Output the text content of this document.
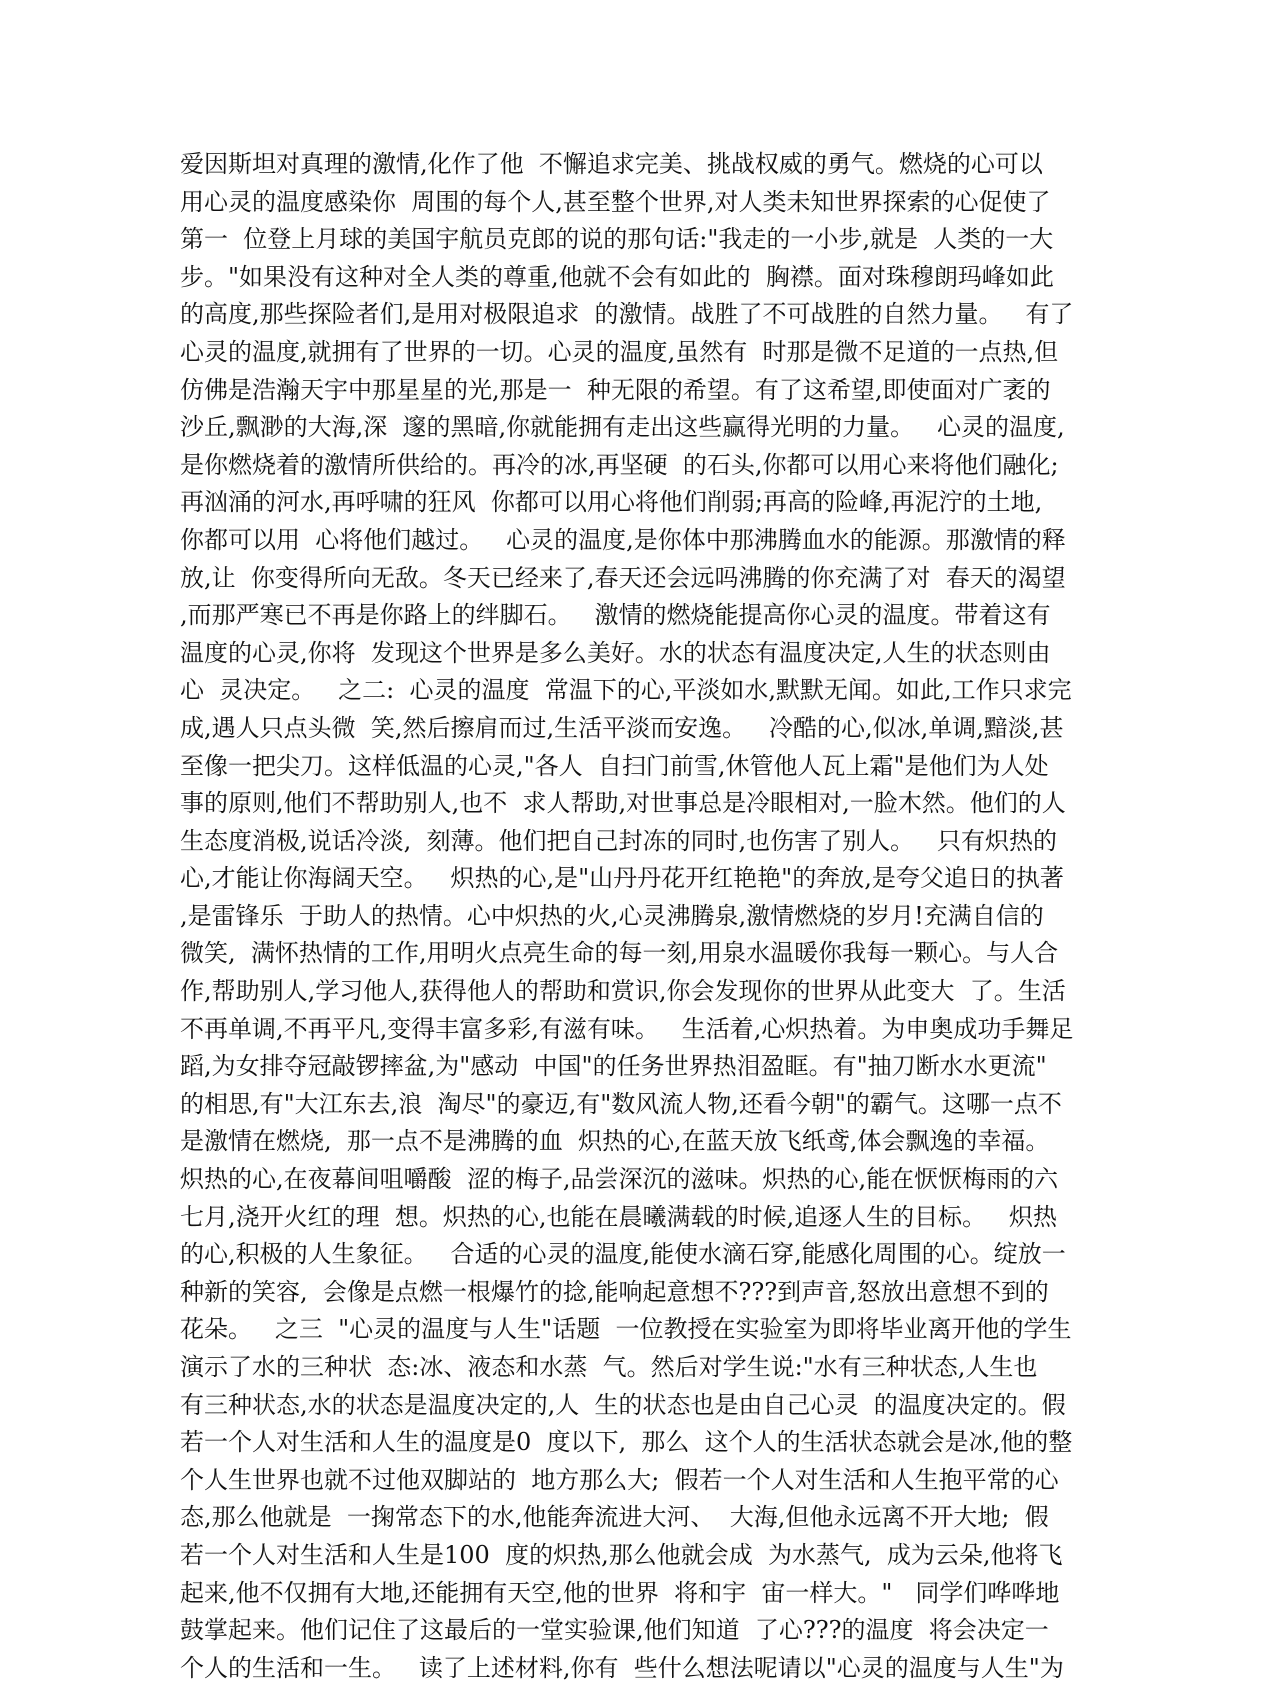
爱因斯坦对真理的激情,化作了他  不懈追求完美、挑战权威的勇气。燃烧的心可以
用心灵的温度感染你  周围的每个人,甚至整个世界,对人类未知世界探索的心促使了
第一  位登上月球的美国宇航员克郎的说的那句话:"我走的一小步,就是  人类的一大
步。"如果没有这种对全人类的尊重,他就不会有如此的  胸襟。面对珠穆朗玛峰如此
的高度,那些探险者们,是用对极限追求  的激情。战胜了不可战胜的自然力量。   有了
心灵的温度,就拥有了世界的一切。心灵的温度,虽然有  时那是微不足道的一点热,但
仿佛是浩瀚天宇中那星星的光,那是一  种无限的希望。有了这希望,即使面对广袤的
沙丘,飘渺的大海,深  邃的黑暗,你就能拥有走出这些赢得光明的力量。   心灵的温度,
是你燃烧着的激情所供给的。再冷的冰,再坚硬  的石头,你都可以用心来将他们融化;
再汹涌的河水,再呼啸的狂风  你都可以用心将他们削弱;再高的险峰,再泥泞的土地,
你都可以用  心将他们越过。   心灵的温度,是你体中那沸腾血水的能源。那激情的释
放,让  你变得所向无敌。冬天已经来了,春天还会远吗沸腾的你充满了对  春天的渴望
,而那严寒已不再是你路上的绊脚石。   激情的燃烧能提高你心灵的温度。带着这有
温度的心灵,你将  发现这个世界是多么美好。水的状态有温度决定,人生的状态则由
心  灵决定。   之二:  心灵的温度  常温下的心,平淡如水,默默无闻。如此,工作只求完
成,遇人只点头微  笑,然后擦肩而过,生活平淡而安逸。   冷酷的心,似冰,单调,黯淡,甚
至像一把尖刀。这样低温的心灵,"各人  自扫门前雪,休管他人瓦上霜"是他们为人处
事的原则,他们不帮助别人,也不  求人帮助,对世事总是冷眼相对,一脸木然。他们的人
生态度消极,说话冷淡,  刻薄。他们把自己封冻的同时,也伤害了别人。   只有炽热的
心,才能让你海阔天空。   炽热的心,是"山丹丹花开红艳艳"的奔放,是夸父追日的执著
,是雷锋乐  于助人的热情。心中炽热的火,心灵沸腾泉,激情燃烧的岁月!充满自信的
微笑,  满怀热情的工作,用明火点亮生命的每一刻,用泉水温暖你我每一颗心。与人合
作,帮助别人,学习他人,获得他人的帮助和赏识,你会发现你的世界从此变大  了。生活
不再单调,不再平凡,变得丰富多彩,有滋有味。   生活着,心炽热着。为申奥成功手舞足
蹈,为女排夺冠敲锣摔盆,为"感动  中国"的任务世界热泪盈眶。有"抽刀断水水更流"
的相思,有"大江东去,浪  淘尽"的豪迈,有"数风流人物,还看今朝"的霸气。这哪一点不
是激情在燃烧,  那一点不是沸腾的血  炽热的心,在蓝天放飞纸鸢,体会飘逸的幸福。
炽热的心,在夜幕间咀嚼酸  涩的梅子,品尝深沉的滋味。炽热的心,能在恹恹梅雨的六
七月,浇开火红的理  想。炽热的心,也能在晨曦满载的时候,追逐人生的目标。   炽热
的心,积极的人生象征。   合适的心灵的温度,能使水滴石穿,能感化周围的心。绽放一
种新的笑容,  会像是点燃一根爆竹的捻,能响起意想不???到声音,怒放出意想不到的
花朵。   之三  "心灵的温度与人生"话题  一位教授在实验室为即将毕业离开他的学生
演示了水的三种状  态:冰、液态和水蒸  气。然后对学生说:"水有三种状态,人生也
有三种状态,水的状态是温度决定的,人  生的状态也是由自己心灵  的温度决定的。假
若一个人对生活和人生的温度是0  度以下,  那么  这个人的生活状态就会是冰,他的整
个人生世界也就不过他双脚站的  地方那么大;  假若一个人对生活和人生抱平常的心
态,那么他就是  一掬常态下的水,他能奔流进大河、  大海,但他永远离不开大地;  假
若一个人对生活和人生是100  度的炽热,那么他就会成  为水蒸气,  成为云朵,他将飞
起来,他不仅拥有大地,还能拥有天空,他的世界  将和宇  宙一样大。"   同学们哗哗地
鼓掌起来。他们记住了这最后的一堂实验课,他们知道  了心???的温度  将会决定一
个人的生活和一生。   读了上述材料,你有  些什么想法呢请以"心灵的温度与人生"为
